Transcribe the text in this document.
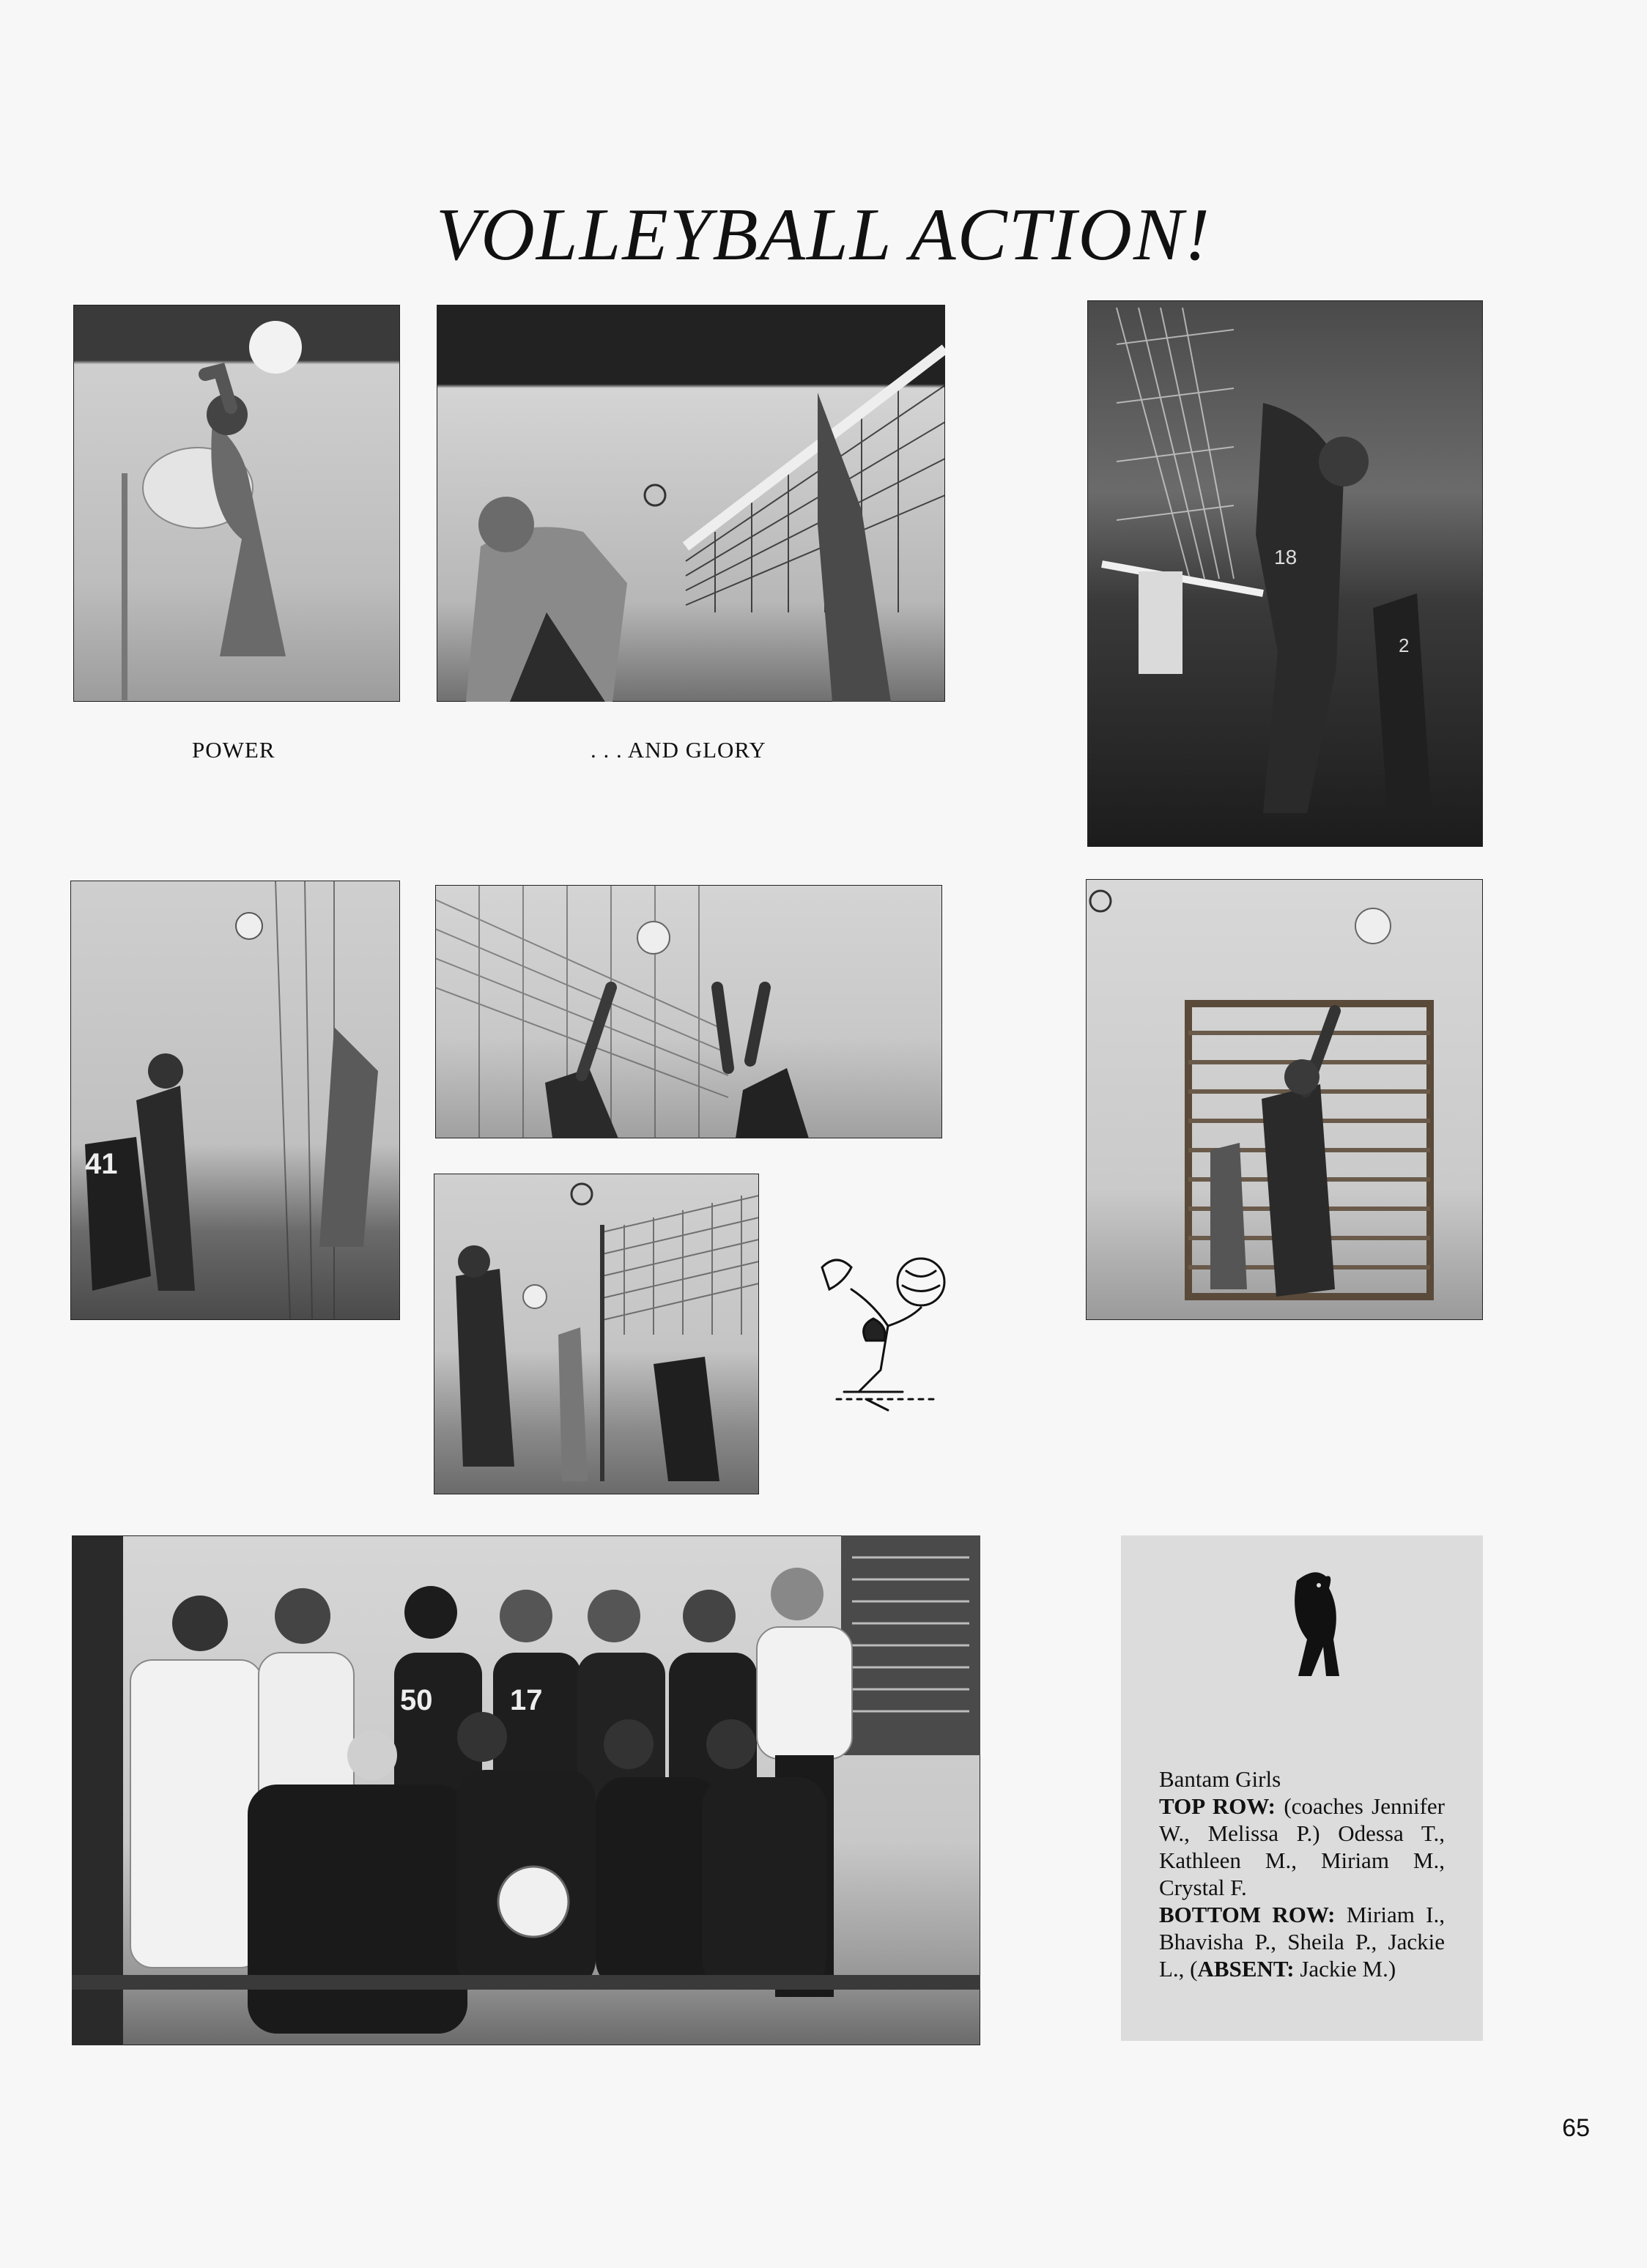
VOLLEYBALL ACTION!
POWER	. . . AND GLORY
18
2
41
50	17
Bantam Girls
TOP ROW: (coaches Jennifer W., Melissa P.) Odessa T., Kathleen M., Miriam M., Crystal F.
BOTTOM ROW: Miriam I., Bhavisha P., Sheila P., Jackie L., (ABSENT: Jackie M.)
65
